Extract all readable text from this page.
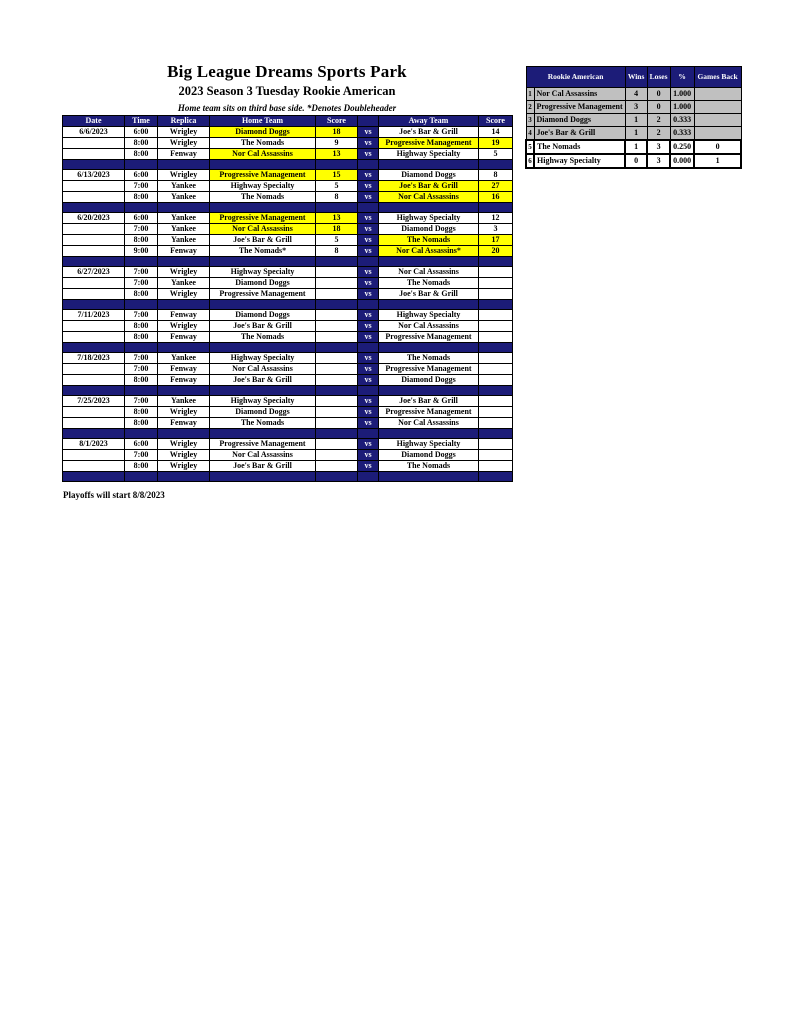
Big League Dreams Sports Park
2023 Season 3 Tuesday Rookie American
Home team sits on third base side. *Denotes Doubleheader
Date	Time	Replica	Home Team	Score		Away Team	Score
6/6/2023	6:00	Wrigley	Diamond Doggs	18	vs	Joe's Bar & Grill	14
	8:00	Wrigley	The Nomads	9	vs	Progressive Management	19
	8:00	Fenway	Nor Cal Assassins	13	vs	Highway Specialty	5

6/13/2023	6:00	Wrigley	Progressive Management	15	vs	Diamond Doggs	8
	7:00	Yankee	Highway Specialty	5	vs	Joe's Bar & Grill	27
	8:00	Yankee	The Nomads	8	vs	Nor Cal Assassins	16

6/20/2023	6:00	Yankee	Progressive Management	13	vs	Highway Specialty	12
	7:00	Yankee	Nor Cal Assassins	18	vs	Diamond Doggs	3
	8:00	Yankee	Joe's Bar & Grill	5	vs	The Nomads	17
	9:00	Fenway	The Nomads*	8	vs	Nor Cal Assassins*	20

6/27/2023	7:00	Wrigley	Highway Specialty		vs	Nor Cal Assassins	
	7:00	Yankee	Diamond Doggs		vs	The Nomads	
	8:00	Wrigley	Progressive Management		vs	Joe's Bar & Grill	

7/11/2023	7:00	Fenway	Diamond Doggs		vs	Highway Specialty	
	8:00	Wrigley	Joe's Bar & Grill		vs	Nor Cal Assassins	
	8:00	Fenway	The Nomads		vs	Progressive Management	

7/18/2023	7:00	Yankee	Highway Specialty		vs	The Nomads	
	7:00	Fenway	Nor Cal Assassins		vs	Progressive Management	
	8:00	Fenway	Joe's Bar & Grill		vs	Diamond Doggs	

7/25/2023	7:00	Yankee	Highway Specialty		vs	Joe's Bar & Grill	
	8:00	Wrigley	Diamond Doggs		vs	Progressive Management	
	8:00	Fenway	The Nomads		vs	Nor Cal Assassins	

8/1/2023	6:00	Wrigley	Progressive Management		vs	Highway Specialty	
	7:00	Wrigley	Nor Cal Assassins		vs	Diamond Doggs	
	8:00	Wrigley	Joe's Bar & Grill		vs	The Nomads	

Playoffs will start 8/8/2023
Rookie American		Wins	Loses	%	Games Back
1	Nor Cal Assassins	4	0	1.000	
2	Progressive Management	3	0	1.000	
3	Diamond Doggs	1	2	0.333	
4	Joe's Bar & Grill	1	2	0.333	
5	The Nomads	1	3	0.250	0
6	Highway Specialty	0	3	0.000	1
